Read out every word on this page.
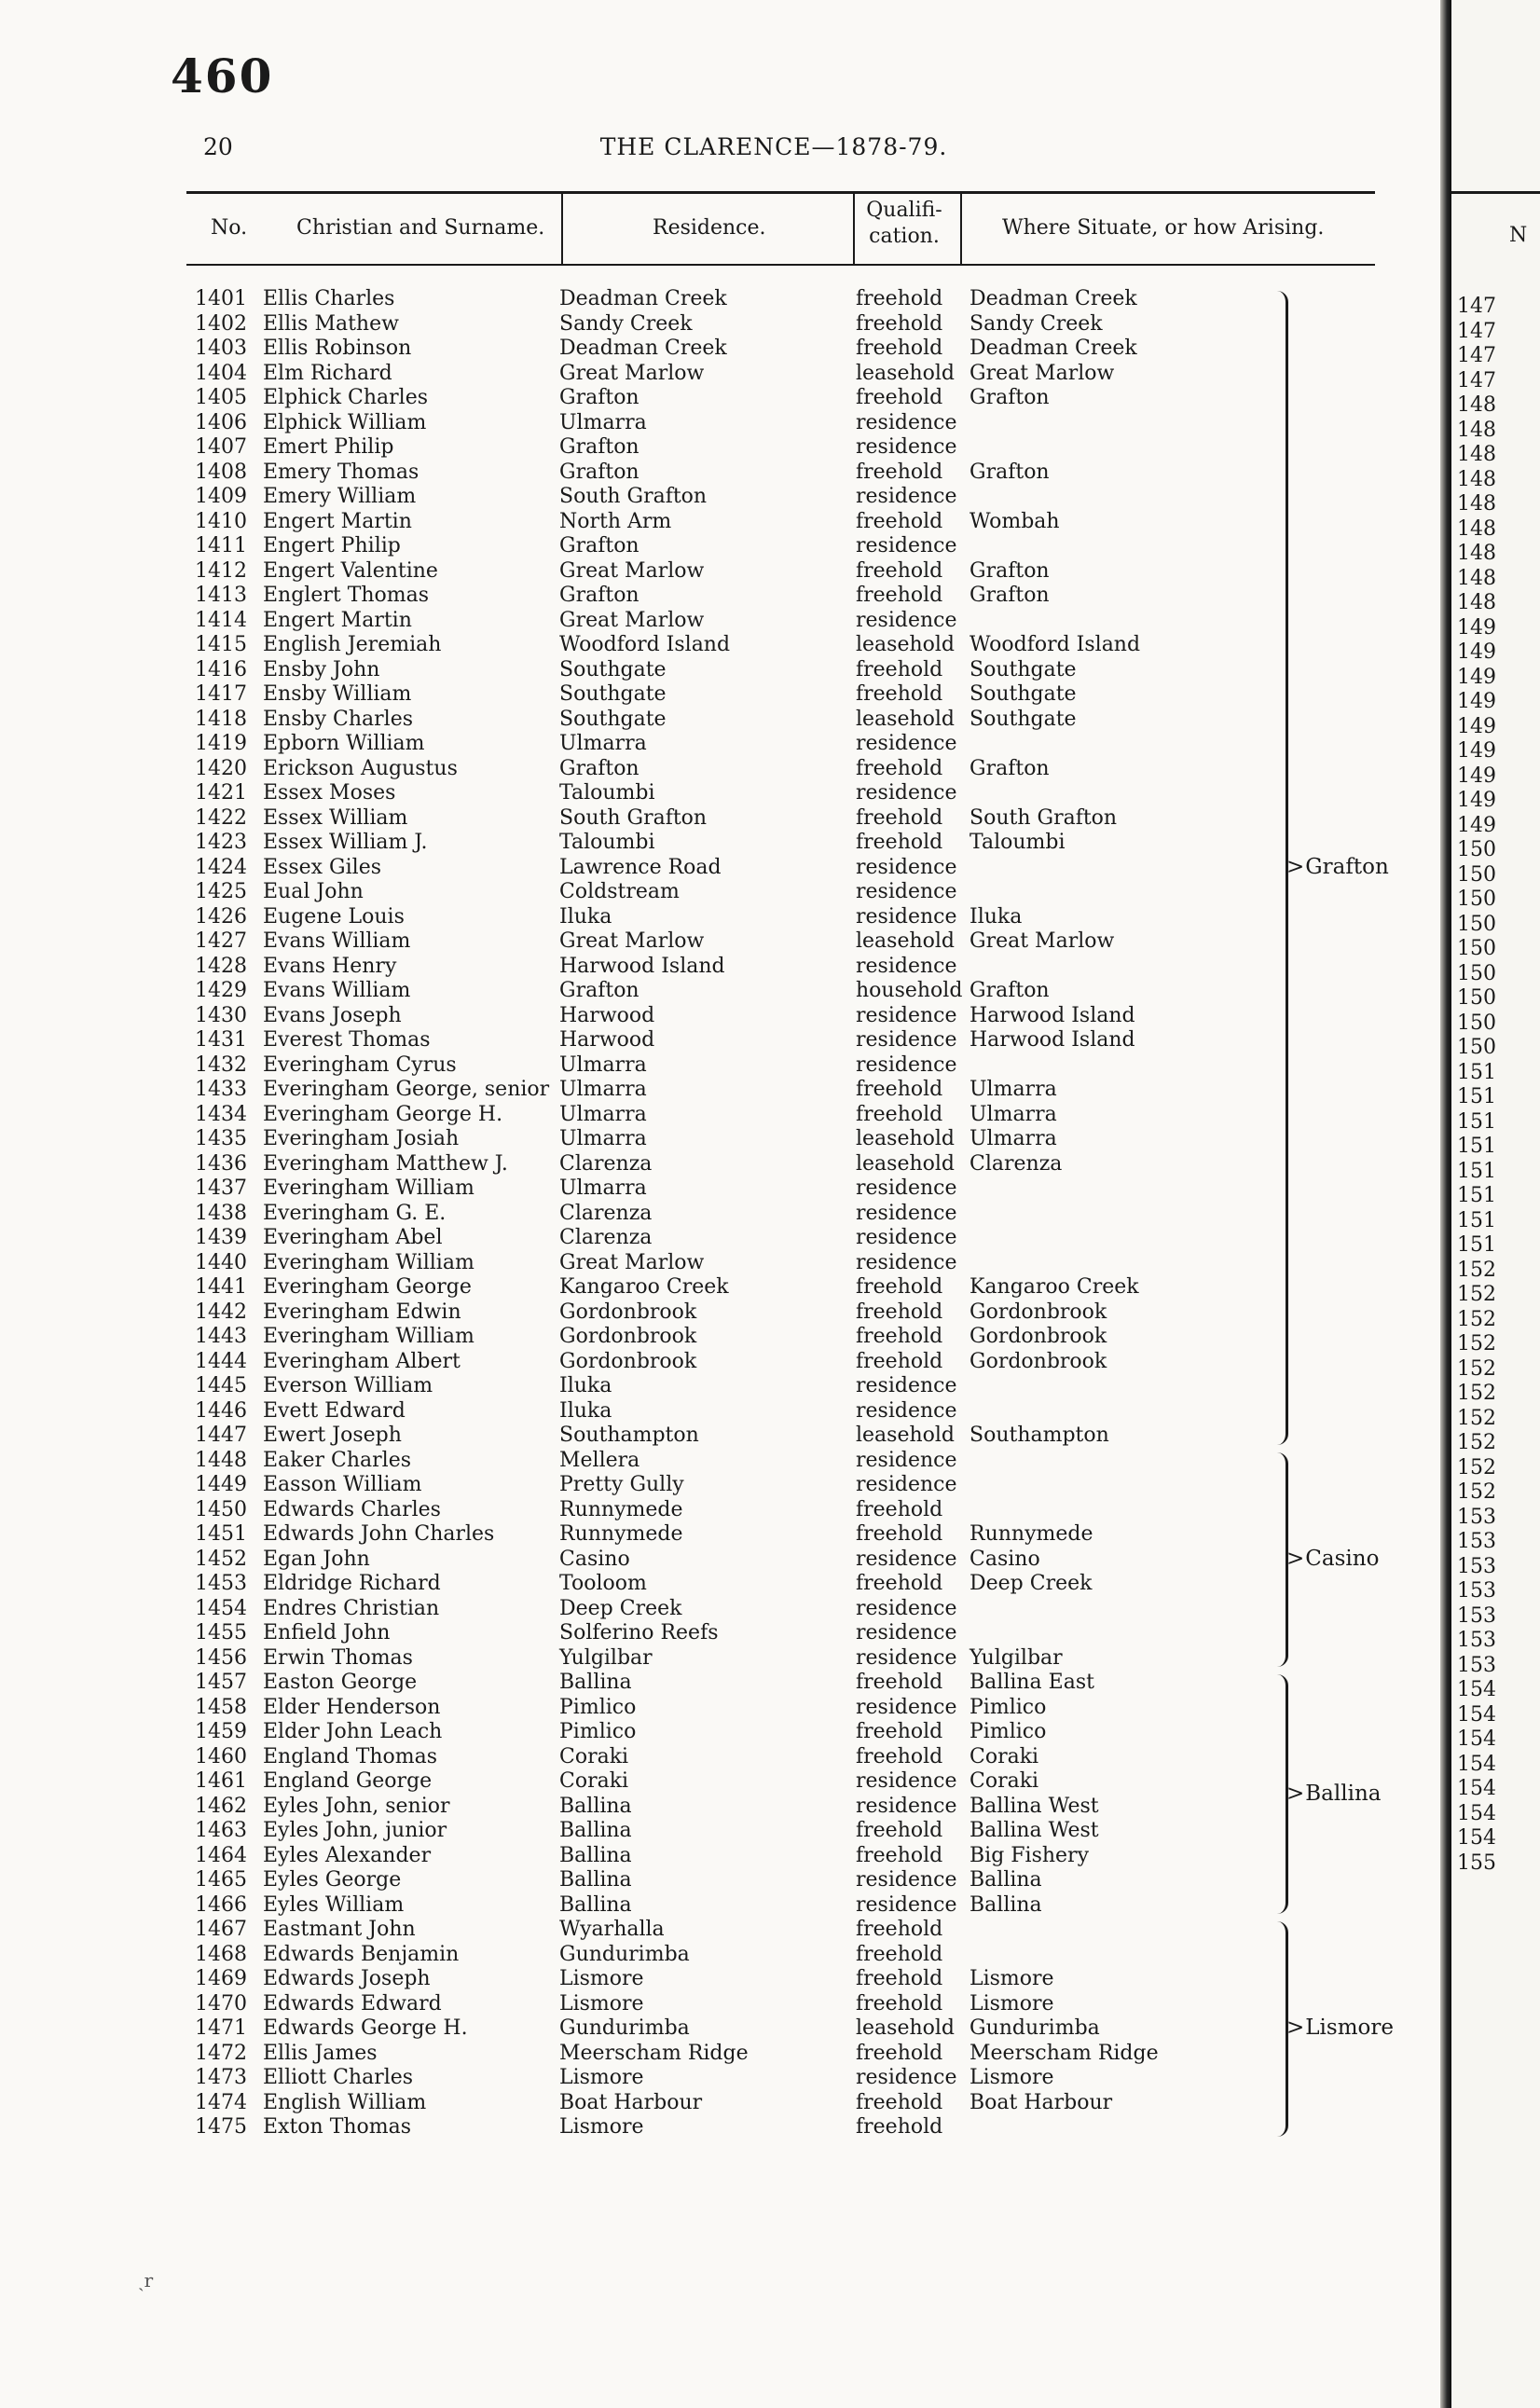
460
20	THE CLARENCE—1878-79.
No. Christian and Surname.	Residence.
Qualifi-
cation.	Where Situate, or how Arising.
1401 Ellis Charles	Deadman Creek	freehold Deadman Creek
1402 Ellis Mathew	Sandy Creek	freehold Sandy Creek
1403 Ellis Robinson	Deadman Creek	freehold Deadman Creek
1404 Elm Richard	Great Marlow	leasehold Great Marlow
1405 Elphick Charles	Grafton	freehold Grafton
1406 Elphick William	Ulmarra	residence
1407 Emert Philip	Grafton	residence
1408 Emery Thomas	Grafton	freehold Grafton
1409 Emery William	South Grafton	residence
1410 Engert Martin	North Arm	freehold Wombah
1411 Engert Philip	Grafton	residence
1412 Engert Valentine	Great Marlow	freehold Grafton
1413 Englert Thomas	Grafton	freehold Grafton
1414 Engert Martin	Great Marlow	residence
1415 English Jeremiah	Woodford Island	leasehold Woodford Island
1416 Ensby John	Southgate	freehold Southgate
1417 Ensby William	Southgate	freehold Southgate
1418 Ensby Charles	Southgate	leasehold Southgate
1419 Epborn William	Ulmarra	residence
1420 Erickson Augustus	Grafton	freehold Grafton
1421 Essex Moses	Taloumbi	residence
1422 Essex William	South Grafton	freehold South Grafton
1423 Essex William J.	Taloumbi	freehold Taloumbi
1424 Essex Giles	Lawrence Road	residence
1425 Eual John	Coldstream	residence
1426 Eugene Louis	Iluka	residence Iluka
1427 Evans William	Great Marlow	leasehold Great Marlow
1428 Evans Henry	Harwood Island	residence
1429 Evans William	Grafton	household Grafton
1430 Evans Joseph	Harwood	residence Harwood Island
1431 Everest Thomas	Harwood	residence Harwood Island
1432 Everingham Cyrus	Ulmarra	residence
1433 Everingham George, senior Ulmarra	freehold Ulmarra
1434 Everingham George H.	Ulmarra	freehold Ulmarra
1435 Everingham Josiah	Ulmarra	leasehold Ulmarra
1436 Everingham Matthew J.	Clarenza	leasehold Clarenza
1437 Everingham William	Ulmarra	residence
1438 Everingham G. E.	Clarenza	residence
1439 Everingham Abel	Clarenza	residence
1440 Everingham William	Great Marlow	residence
1441 Everingham George	Kangaroo Creek	freehold Kangaroo Creek
1442 Everingham Edwin	Gordonbrook	freehold Gordonbrook
1443 Everingham William	Gordonbrook	freehold Gordonbrook
1444 Everingham Albert	Gordonbrook	freehold Gordonbrook
1445 Everson William	Iluka	residence
1446 Evett Edward	Iluka	residence
1447 Ewert Joseph	Southampton	leasehold Southampton
1448 Eaker Charles	Mellera	residence
1449 Easson William	Pretty Gully	residence
1450 Edwards Charles	Runnymede	freehold
1451 Edwards John Charles	Runnymede	freehold Runnymede
1452 Egan John	Casino	residence Casino
1453 Eldridge Richard	Tooloom	freehold Deep Creek
1454 Endres Christian	Deep Creek	residence
1455 Enfield John	Solferino Reefs	residence
1456 Erwin Thomas	Yulgilbar	residence Yulgilbar
1457 Easton George	Ballina	freehold Ballina East
1458 Elder Henderson	Pimlico	residence Pimlico
1459 Elder John Leach	Pimlico	freehold Pimlico
1460 England Thomas	Coraki	freehold Coraki
1461 England George	Coraki	residence Coraki
1462 Eyles John, senior	Ballina	residence Ballina West
1463 Eyles John, junior	Ballina	freehold Ballina West
1464 Eyles Alexander	Ballina	freehold Big Fishery
1465 Eyles George	Ballina	residence Ballina
1466 Eyles William	Ballina	residence Ballina
1467 Eastmant John	Wyarhalla	freehold
1468 Edwards Benjamin	Gundurimba	freehold
1469 Edwards Joseph	Lismore	freehold Lismore
1470 Edwards Edward	Lismore	freehold Lismore
1471 Edwards George H.	Gundurimba	leasehold Gundurimba
1472 Ellis James	Meerscham Ridge	freehold Meerscham Ridge
1473 Elliott Charles	Lismore	residence Lismore
1474 English William	Boat Harbour	freehold Boat Harbour
1475 Exton Thomas	Lismore	freehold
> Grafton
> Casino
> Ballina
> Lismore
ˏr
N
147
147
147
147
148
148
148
148
148
148
148
148
148
149
149
149
149
149
149
149
149
149
150
150
150
150
150
150
150
150
150
151
151
151
151
151
151
151
151
152
152
152
152
152
152
152
152
152
152
153
153
153
153
153
153
153
154
154
154
154
154
154
154
155
